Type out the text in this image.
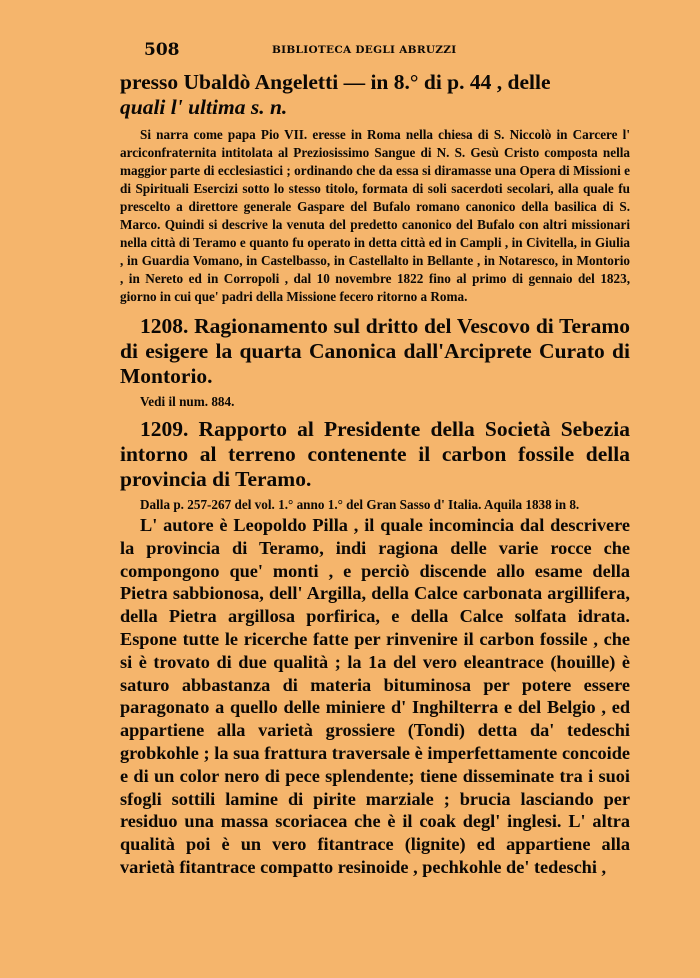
508	BIBLIOTECA DEGLI ABRUZZI

presso Ubaldò Angeletti — in 8.° di p. 44 , delle

quali l' ultima s. n.

Si narra come papa Pio VII. eresse in Roma nella chiesa di S. Niccolò in Carcere l' arciconfraternita intitolata al Preziosissimo Sangue di N. S. Gesù Cristo composta nella maggior parte di ecclesiastici ; ordinando che da essa si diramasse una Opera di Missioni e di Spirituali Esercizi sotto lo stesso titolo, formata di soli sacerdoti secolari, alla quale fu prescelto a direttore generale Gaspare del Bufalo romano canonico della basilica di S. Marco. Quindi si descrive la venuta del predetto canonico del Bufalo con altri missionari nella città di Teramo e quanto fu operato in detta città ed in Campli , in Civitella, in Giulia , in Guardia Vomano, in Castelbasso, in Castellalto in Bellante , in Notaresco, in Montorio , in Nereto ed in Corropoli , dal 10 novembre 1822 fino al primo di gennaio del 1823, giorno in cui que' padri della Missione fecero ritorno a Roma.

1208. Ragionamento sul dritto del Vescovo di Teramo di esigere la quarta Canonica dall'Arciprete Curato di Montorio.

Vedi il num. 884.

1209. Rapporto al Presidente della Società Sebezia intorno al terreno contenente il carbon fossile della provincia di Teramo.

Dalla p. 257-267 del vol. 1.° anno 1.° del Gran Sasso d' Italia. Aquila 1838 in 8.

L' autore è Leopoldo Pilla , il quale incomincia dal descrivere la provincia di Teramo, indi ragiona delle varie rocce che compongono que' monti , e perciò discende allo esame della Pietra sabbionosa, dell' Argilla, della Calce carbonata argillifera, della Pietra argillosa porfirica, e della Calce solfata idrata. Espone tutte le ricerche fatte per rinvenire il carbon fossile , che si è trovato di due qualità ; la 1a del vero eleantrace (houille) è saturo abbastanza di materia bituminosa per potere essere paragonato a quello delle miniere d' Inghilterra e del Belgio , ed appartiene alla varietà grossiere (Tondi) detta da' tedeschi grobkohle ; la sua frattura traversale è imperfettamente concoide e di un color nero di pece splendente; tiene disseminate tra i suoi sfogli sottili lamine di pirite marziale ; brucia lasciando per residuo una massa scoriacea che è il coak degl' inglesi. L' altra qualità poi è un vero fitantrace (lignite) ed appartiene alla varietà fitantrace compatto resinoide , pechkohle de' tedeschi ,
